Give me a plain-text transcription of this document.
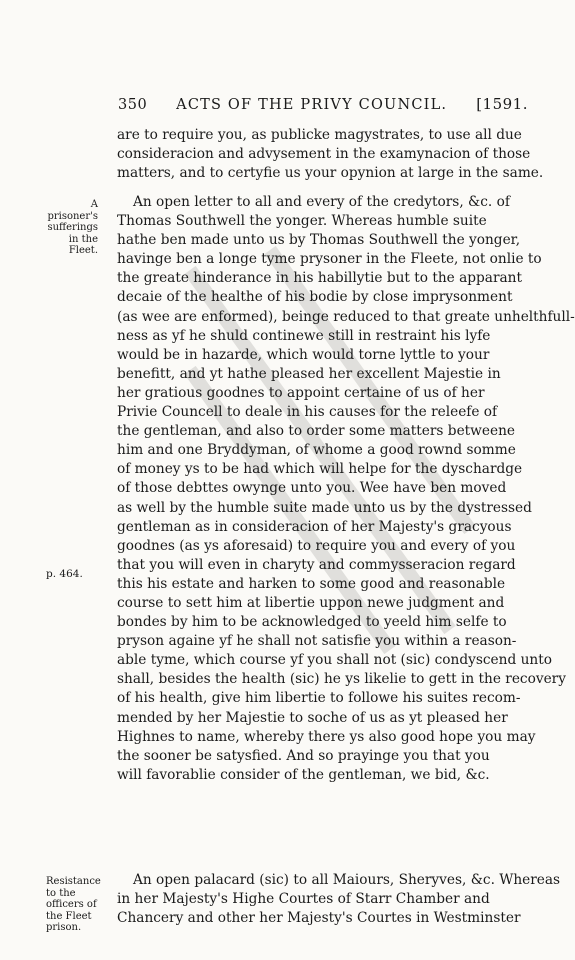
350 ACTS OF THE PRIVY COUNCIL. [1591.
are to require you, as publicke magystrates, to use all due
consideracion and advysement in the examynacion of those
matters, and to certyfie us your opynion at large in the same.
An open letter to all and every of the credytors, &c. of
Thomas Southwell the yonger. Whereas humble suite
hathe ben made unto us by Thomas Southwell the yonger,
havinge ben a longe tyme prysoner in the Fleete, not onlie to
the greate hinderance in his habillytie but to the apparant
decaie of the healthe of his bodie by close imprysonment
(as wee are enformed), beinge reduced to that greate unhelthfull-
ness as yf he shuld continewe still in restraint his lyfe
would be in hazarde, which would torne lyttle to your
benefitt, and yt hathe pleased her excellent Majestie in
her gratious goodnes to appoint certaine of us of her
Privie Councell to deale in his causes for the releefe of
the gentleman, and also to order some matters betweene
him and one Bryddyman, of whome a good rownd somme
of money ys to be had which will helpe for the dyschardge
of those debttes owynge unto you. Wee have ben moved
as well by the humble suite made unto us by the dystressed
gentleman as in consideracion of her Majesty's gracyous
goodnes (as ys aforesaid) to require you and every of you
that you will even in charyty and commysseracion regard
this his estate and harken to some good and reasonable
course to sett him at libertie uppon newe judgment and
bondes by him to be acknowledged to yeeld him selfe to
pryson againe yf he shall not satisfie you within a reason-
able tyme, which course yf you shall not (sic) condyscend unto
shall, besides the health (sic) he ys likelie to gett in the recovery
of his health, give him libertie to followe his suites recom-
mended by her Majestie to soche of us as yt pleased her
Highnes to name, whereby there ys also good hope you may
the sooner be satysfied. And so prayinge you that you
will favorablie consider of the gentleman, we bid, &c.
An open palacard (sic) to all Maiours, Sheryves, &c. Whereas
in her Majesty's Highe Courtes of Starr Chamber and
Chancery and other her Majesty's Courtes in Westminster
A prisoner's sufferings in the Fleet.
p. 464.
Resistance to the officers of the Fleet prison.
